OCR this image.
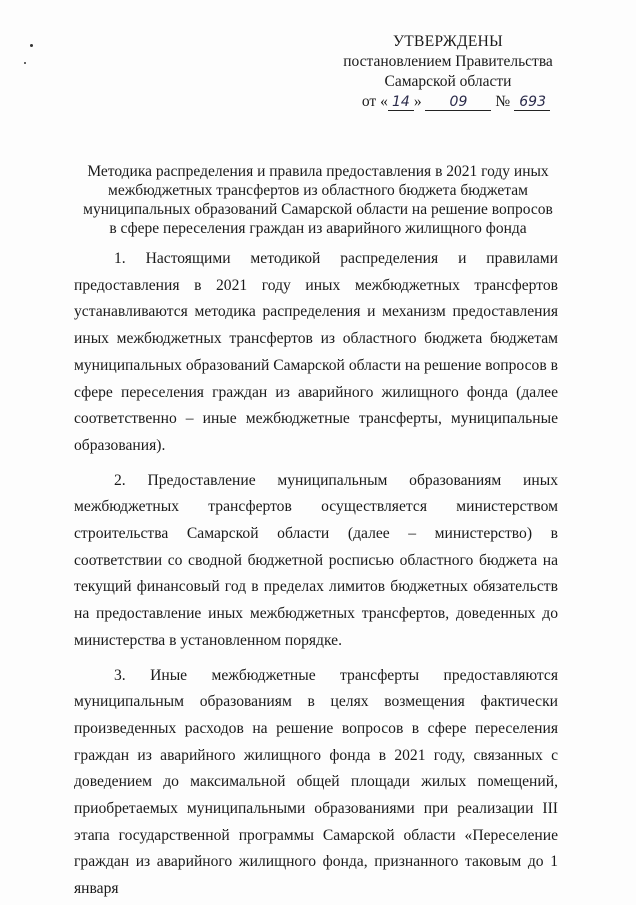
УТВЕРЖДЕНЫ
постановлением Правительства
Самарской области
от « 14 » 09 № 693
Методика распределения и правила предоставления в 2021 году иных
межбюджетных трансфертов из областного бюджета бюджетам
муниципальных образований Самарской области на решение вопросов
в сфере переселения граждан из аварийного жилищного фонда

1. Настоящими методикой распределения и правилами предоставления в 2021 году иных межбюджетных трансфертов устанавливаются методика распределения и механизм предоставления иных межбюджетных трансфертов из областного бюджета бюджетам муниципальных образований Самарской области на решение вопросов в сфере переселения граждан из аварийного жилищного фонда (далее соответственно – иные межбюджетные трансферты, муниципальные образования).

2. Предоставление муниципальным образованиям иных межбюджетных трансфертов осуществляется министерством строительства Самарской области (далее – министерство) в соответствии со сводной бюджетной росписью областного бюджета на текущий финансовый год в пределах лимитов бюджетных обязательств на предоставление иных межбюджетных трансфертов, доведенных до министерства в установленном порядке.

3. Иные межбюджетные трансферты предоставляются муниципальным образованиям в целях возмещения фактически произведенных расходов на решение вопросов в сфере переселения граждан из аварийного жилищного фонда в 2021 году, связанных с доведением до максимальной общей площади жилых помещений, приобретаемых муниципальными образованиями при реализации III этапа государственной программы Самарской области «Переселение граждан из аварийного жилищного фонда, признанного таковым до 1 января
